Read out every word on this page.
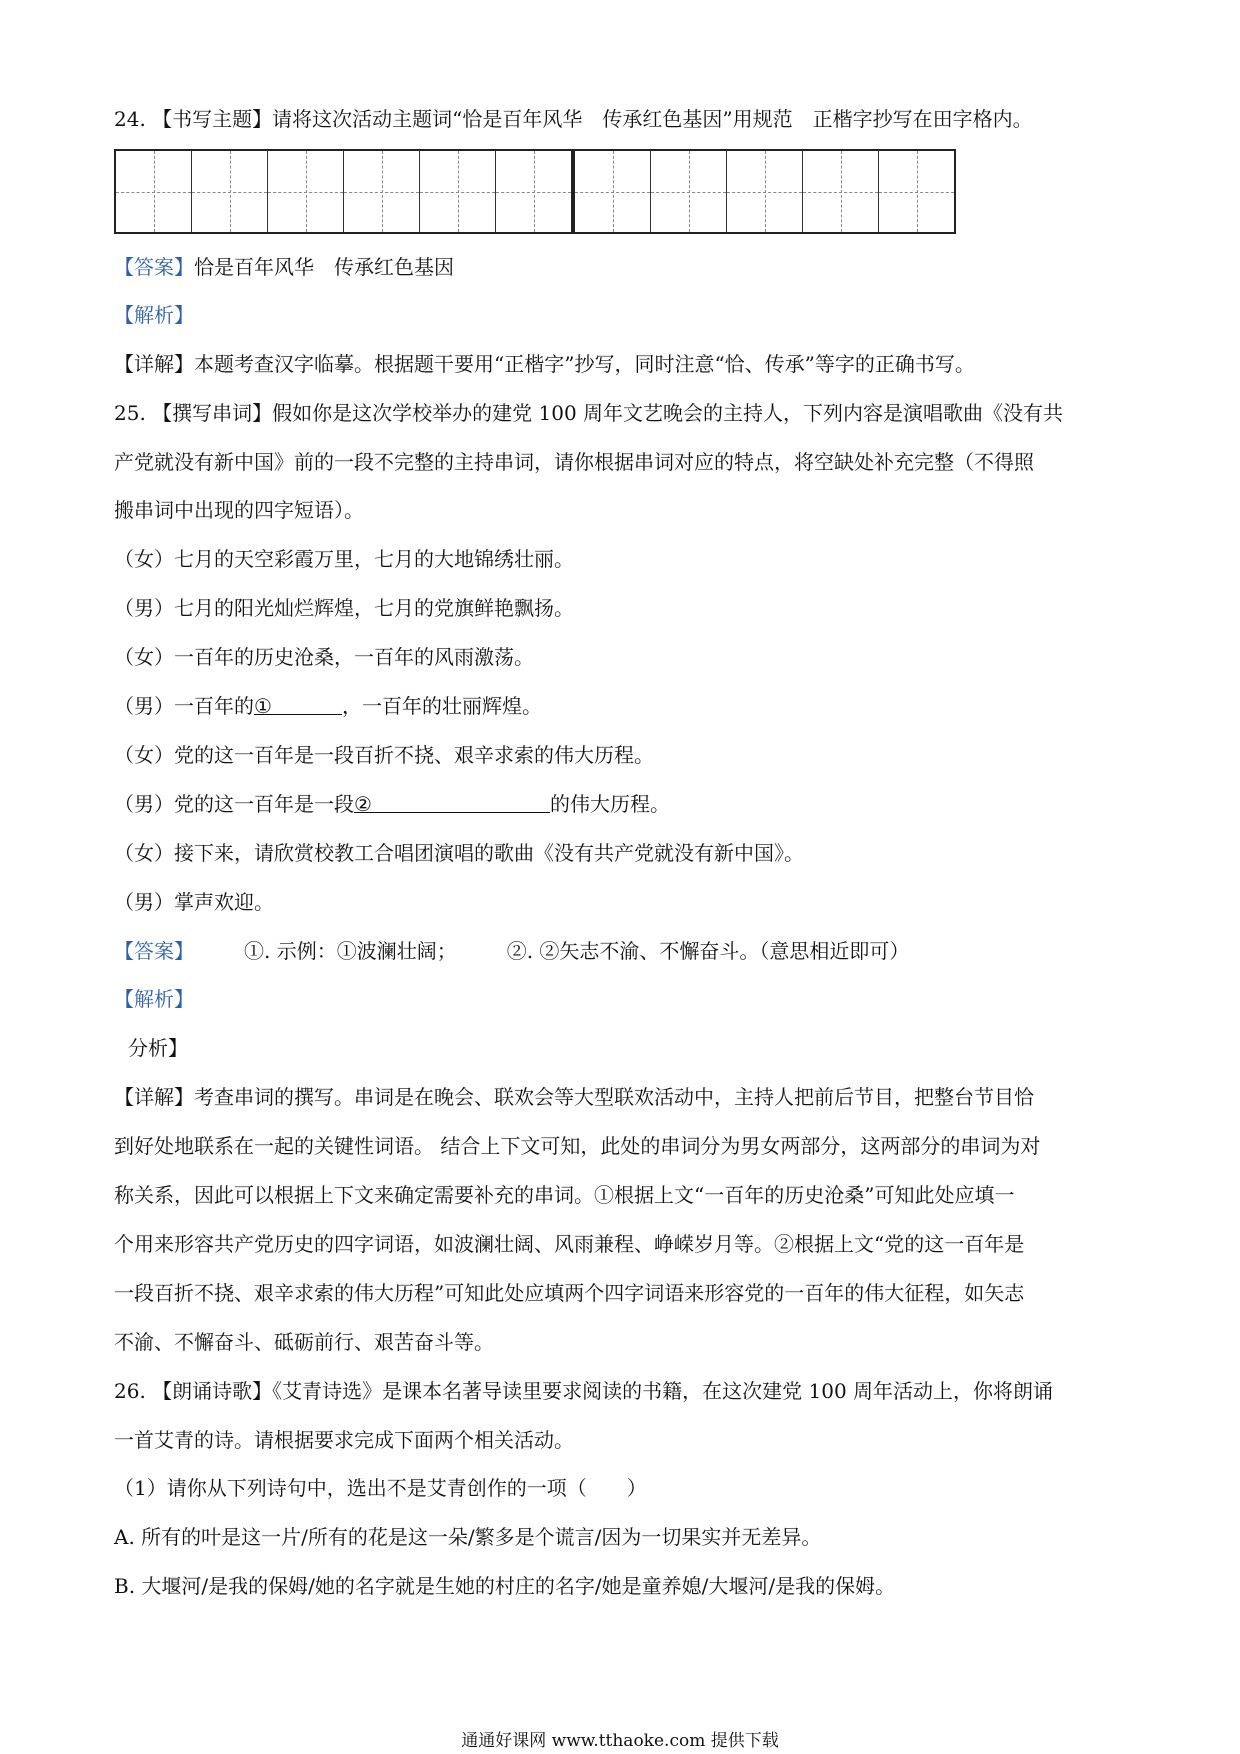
24. 【书写主题】请将这次活动主题词“恰是百年风华　传承红色基因”用规范　正楷字抄写在田字格内。
【答案】恰是百年风华　传承红色基因
【解析】
【详解】本题考查汉字临摹。根据题干要用“正楷字”抄写，同时注意“恰、传承”等字的正确书写。
25. 【撰写串词】假如你是这次学校举办的建党 100 周年文艺晚会的主持人，下列内容是演唱歌曲《没有共
产党就没有新中国》前的一段不完整的主持串词，请你根据串词对应的特点，将空缺处补充完整（不得照
搬串词中出现的四字短语）。
（女）七月的天空彩霞万里，七月的大地锦绣壮丽。
（男）七月的阳光灿烂辉煌，七月的党旗鲜艳飘扬。
（女）一百年的历史沧桑，一百年的风雨激荡。
（男）一百年的①	，一百年的壮丽辉煌。
（女）党的这一百年是一段百折不挠、艰辛求索的伟大历程。
（男）党的这一百年是一段②	的伟大历程。
（女）接下来，请欣赏校教工合唱团演唱的歌曲《没有共产党就没有新中国》。
（男）掌声欢迎。
【答案】	①. 示例：①波澜壮阔；	②. ②矢志不渝、不懈奋斗。（意思相近即可）
【解析】
分析】
【详解】考查串词的撰写。串词是在晚会、联欢会等大型联欢活动中，主持人把前后节目，把整台节目恰
到好处地联系在一起的关键性词语。 结合上下文可知，此处的串词分为男女两部分，这两部分的串词为对
称关系，因此可以根据上下文来确定需要补充的串词。①根据上文“一百年的历史沧桑”可知此处应填一
个用来形容共产党历史的四字词语，如波澜壮阔、风雨兼程、峥嵘岁月等。②根据上文“党的这一百年是
一段百折不挠、艰辛求索的伟大历程”可知此处应填两个四字词语来形容党的一百年的伟大征程，如矢志
不渝、不懈奋斗、砥砺前行、艰苦奋斗等。
26. 【朗诵诗歌】《艾青诗选》是课本名著导读里要求阅读的书籍，在这次建党 100 周年活动上，你将朗诵
一首艾青的诗。请根据要求完成下面两个相关活动。
（1）请你从下列诗句中，选出不是艾青创作的一项（　　）
A. 所有的叶是这一片/所有的花是这一朵/繁多是个谎言/因为一切果实并无差异。
B. 大堰河/是我的保姆/她的名字就是生她的村庄的名字/她是童养媳/大堰河/是我的保姆。
通通好课网 www.tthaoke.com 提供下载
